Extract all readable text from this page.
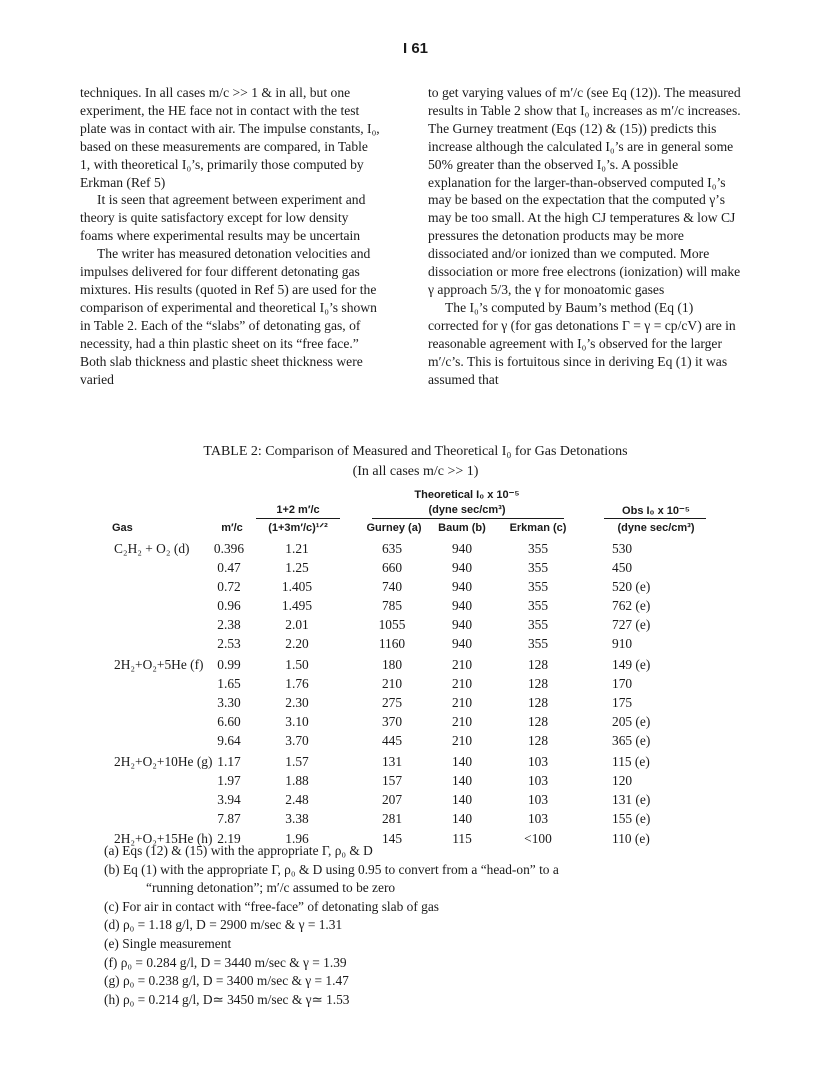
I 61

techniques. In all cases m/c >> 1 & in all, but one experiment, the HE face not in contact with the test plate was in contact with air. The impulse constants, I₀, based on these measurements are compared, in Table 1, with theoretical I₀’s, primarily those computed by Erkman (Ref 5)

It is seen that agreement between experiment and theory is quite satisfactory except for low density foams where experimental results may be uncertain

The writer has measured detonation velocities and impulses delivered for four different detonating gas mixtures. His results (quoted in Ref 5) are used for the comparison of experimental and theoretical I₀’s shown in Table 2. Each of the “slabs” of detonating gas, of necessity, had a thin plastic sheet on its “free face.” Both slab thickness and plastic sheet thickness were varied

to get varying values of m′/c (see Eq (12)). The measured results in Table 2 show that I₀ increases as m′/c increases. The Gurney treatment (Eqs (12) & (15)) predicts this increase although the calculated I₀’s are in general some 50% greater than the observed I₀’s. A possible explanation for the larger-than-observed computed I₀’s may be based on the expectation that the computed γ’s may be too small. At the high CJ temperatures & low CJ pressures the detonation products may be more dissociated and/or ionized than we computed. More dissociation or more free electrons (ionization) will make γ approach 5/3, the γ for monoatomic gases

The I₀’s computed by Baum’s method (Eq (1) corrected for γ (for gas detonations Γ = γ = cp/cV) are in reasonable agreement with I₀’s observed for the larger m′/c’s. This is fortuitous since in deriving Eq (1) it was assumed that

TABLE 2: Comparison of Measured and Theoretical I₀ for Gas Detonations
(In all cases m/c >> 1)
Theoretical I₀ x 10⁻⁵
1+2 m′/c	(dyne sec/cm³)	Obs I₀ x 10⁻⁵
Gas	m′/c	(1+3m′/c)¹ᐟ²	Gurney (a)	Baum (b)	Erkman (c)	(dyne sec/cm³)
C₂H₂ + O₂ (d)	0.396	1.21	635	940	355	530
0.47	1.25	660	940	355	450
0.72	1.405	740	940	355	520 (e)
0.96	1.495	785	940	355	762 (e)
2.38	2.01	1055	940	355	727 (e)
2.53	2.20	1160	940	355	910
2H₂+O₂+5He (f)	0.99	1.50	180	210	128	149 (e)
1.65	1.76	210	210	128	170
3.30	2.30	275	210	128	175
6.60	3.10	370	210	128	205 (e)
9.64	3.70	445	210	128	365 (e)
2H₂+O₂+10He (g) 1.17	1.57	131	140	103	115 (e)
1.97	1.88	157	140	103	120
3.94	2.48	207	140	103	131 (e)
7.87	3.38	281	140	103	155 (e)
2H₂+O₂+15He (h) 2.19	1.96	145	115	<100	110 (e)

(a) Eqs (12) & (15) with the appropriate Γ, ρ₀ & D

(b) Eq (1) with the appropriate Γ, ρ₀ & D using 0.95 to convert from a “head-on” to a

“running detonation”; m′/c assumed to be zero

(c) For air in contact with “free-face” of detonating slab of gas

(d) ρ₀ = 1.18 g/l, D = 2900 m/sec & γ = 1.31

(e) Single measurement

(f) ρ₀ = 0.284 g/l, D = 3440 m/sec & γ = 1.39

(g) ρ₀ = 0.238 g/l, D = 3400 m/sec & γ = 1.47

(h) ρ₀ = 0.214 g/l, D≃ 3450 m/sec & γ≃ 1.53
